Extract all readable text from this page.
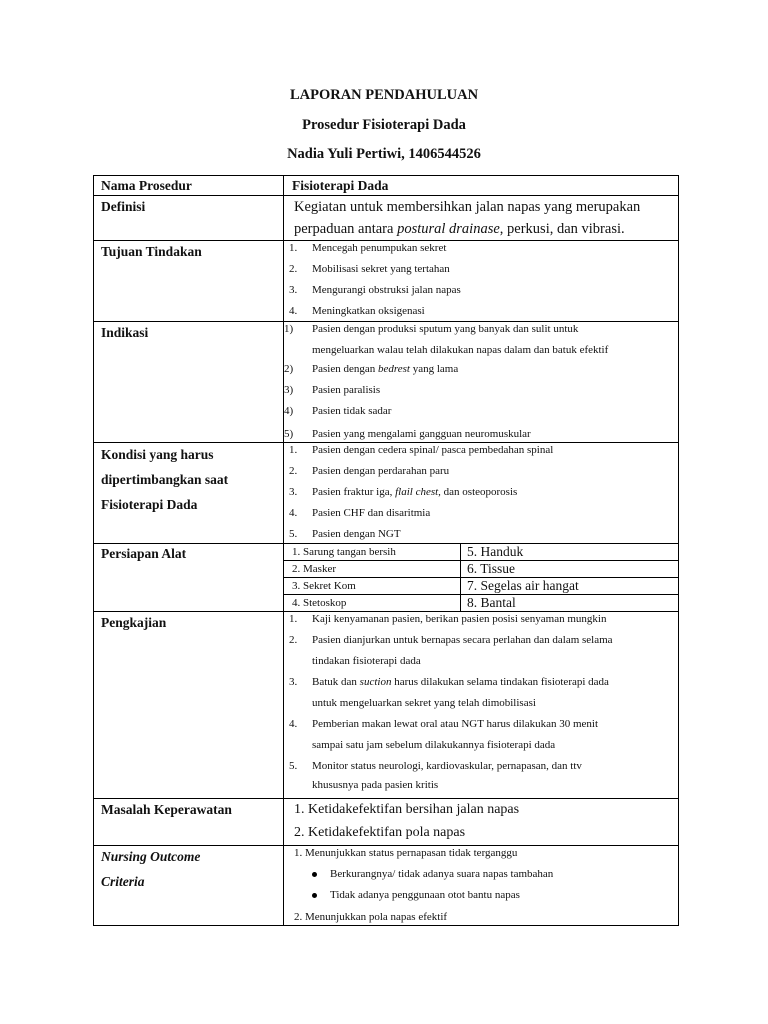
LAPORAN PENDAHULUAN
Prosedur Fisioterapi Dada
Nadia Yuli Pertiwi, 1406544526
Nama Prosedur	Fisioterapi Dada

Definisi	Kegiatan untuk membersihkan jalan napas yang merupakan
perpaduan antara postural drainase, perkusi, dan vibrasi.

Tujuan Tindakan	1. Mencegah penumpukan sekret
2. Mobilisasi sekret yang tertahan
3. Mengurangi obstruksi jalan napas
4. Meningkatkan oksigenasi

Indikasi	1) Pasien dengan produksi sputum yang banyak dan sulit untuk
mengeluarkan walau telah dilakukan napas dalam dan batuk efektif
2) Pasien dengan bedrest yang lama
3) Pasien paralisis
4) Pasien tidak sadar
5) Pasien yang mengalami gangguan neuromuskular

Kondisi yang harus
dipertimbangkan saat
Fisioterapi Dada

1. Pasien dengan cedera spinal/ pasca pembedahan spinal
2. Pasien dengan perdarahan paru
3. Pasien fraktur iga, flail chest, dan osteoporosis
4. Pasien CHF dan disaritmia
5. Pasien dengan NGT

Persiapan Alat
		1. Sarung tangan bersih	5. Handuk
2. Masker	6. Tissue
3. Sekret Kom	7. Segelas air hangat
4. Stetoskop	8. Bantal

Pengkajian	1. Kaji kenyamanan pasien, berikan pasien posisi senyaman mungkin
2. Pasien dianjurkan untuk bernapas secara perlahan dan dalam selama
tindakan fisioterapi dada
3. Batuk dan suction harus dilakukan selama tindakan fisioterapi dada
untuk mengeluarkan sekret yang telah dimobilisasi
4. Pemberian makan lewat oral atau NGT harus dilakukan 30 menit
sampai satu jam sebelum dilakukannya fisioterapi dada
5. Monitor status neurologi, kardiovaskular, pernapasan, dan ttv
khususnya pada pasien kritis

Masalah Keperawatan	1. Ketidakefektifan bersihan jalan napas
2. Ketidakefektifan pola napas

Nursing Outcome
Criteria

1. Menunjukkan status pernapasan tidak terganggu
Berkurangnya/ tidak adanya suara napas tambahan
Tidak adanya penggunaan otot bantu napas
2. Menunjukkan pola napas efektif
